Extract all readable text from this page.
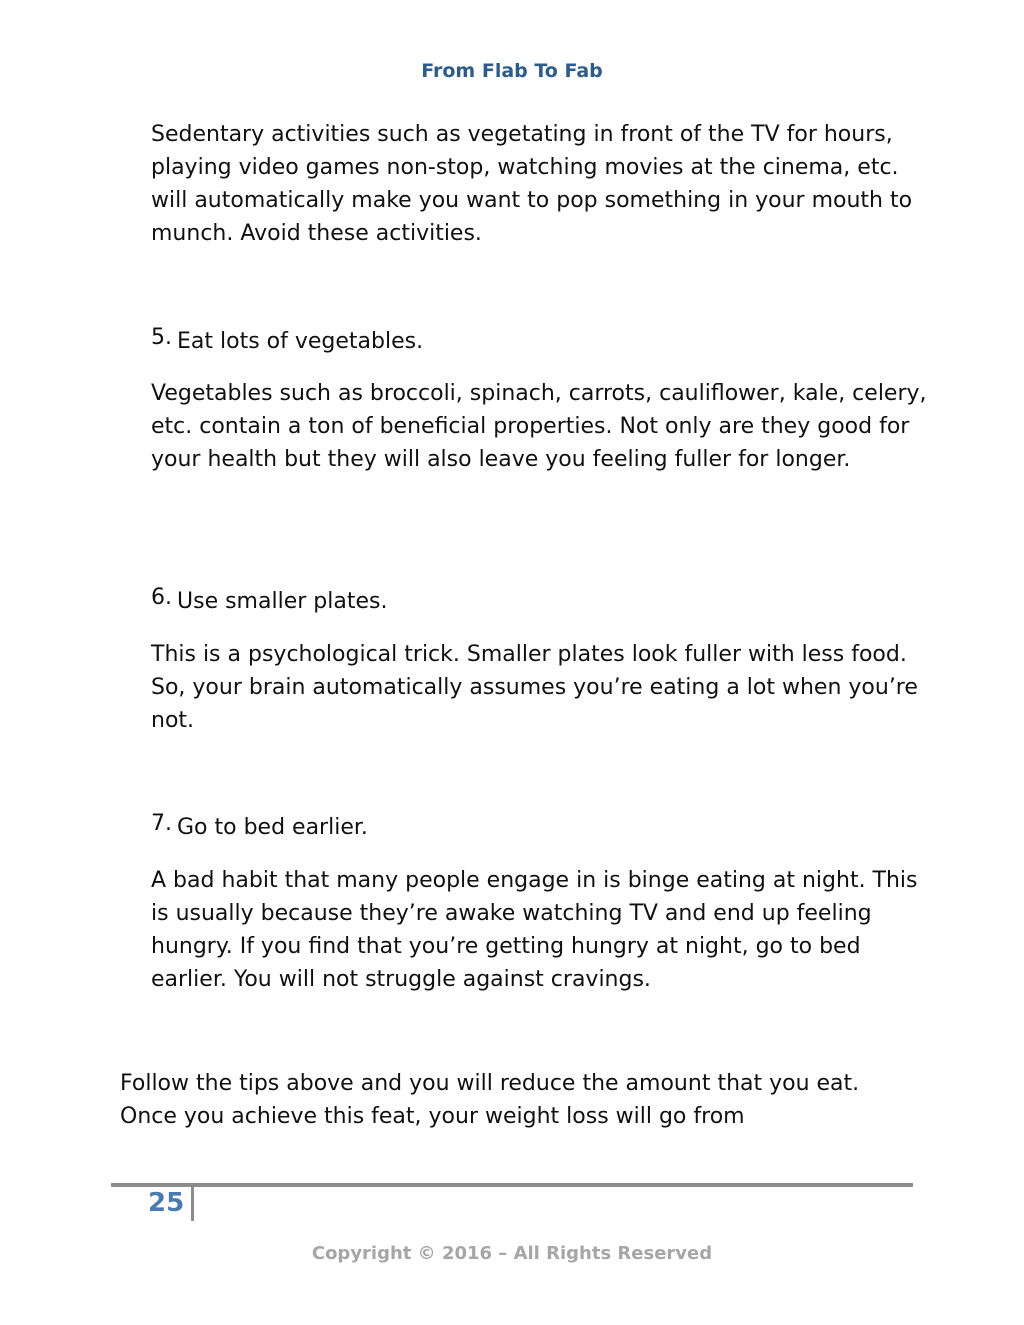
From Flab To Fab

Sedentary activities such as vegetating in front of the TV for hours, playing video games non-stop, watching movies at the cinema, etc. will automatically make you want to pop something in your mouth to munch. Avoid these activities.

5. Eat lots of vegetables.

Vegetables such as broccoli, spinach, carrots, cauliflower, kale, celery, etc. contain a ton of beneficial properties. Not only are they good for your health but they will also leave you feeling fuller for longer.

6. Use smaller plates.

This is a psychological trick. Smaller plates look fuller with less food. So, your brain automatically assumes you’re eating a lot when you’re not.

7. Go to bed earlier.

A bad habit that many people engage in is binge eating at night. This is usually because they’re awake watching TV and end up feeling hungry. If you find that you’re getting hungry at night, go to bed earlier. You will not struggle against cravings.

Follow the tips above and you will reduce the amount that you eat. Once you achieve this feat, your weight loss will go from

25
Copyright © 2016 – All Rights Reserved
